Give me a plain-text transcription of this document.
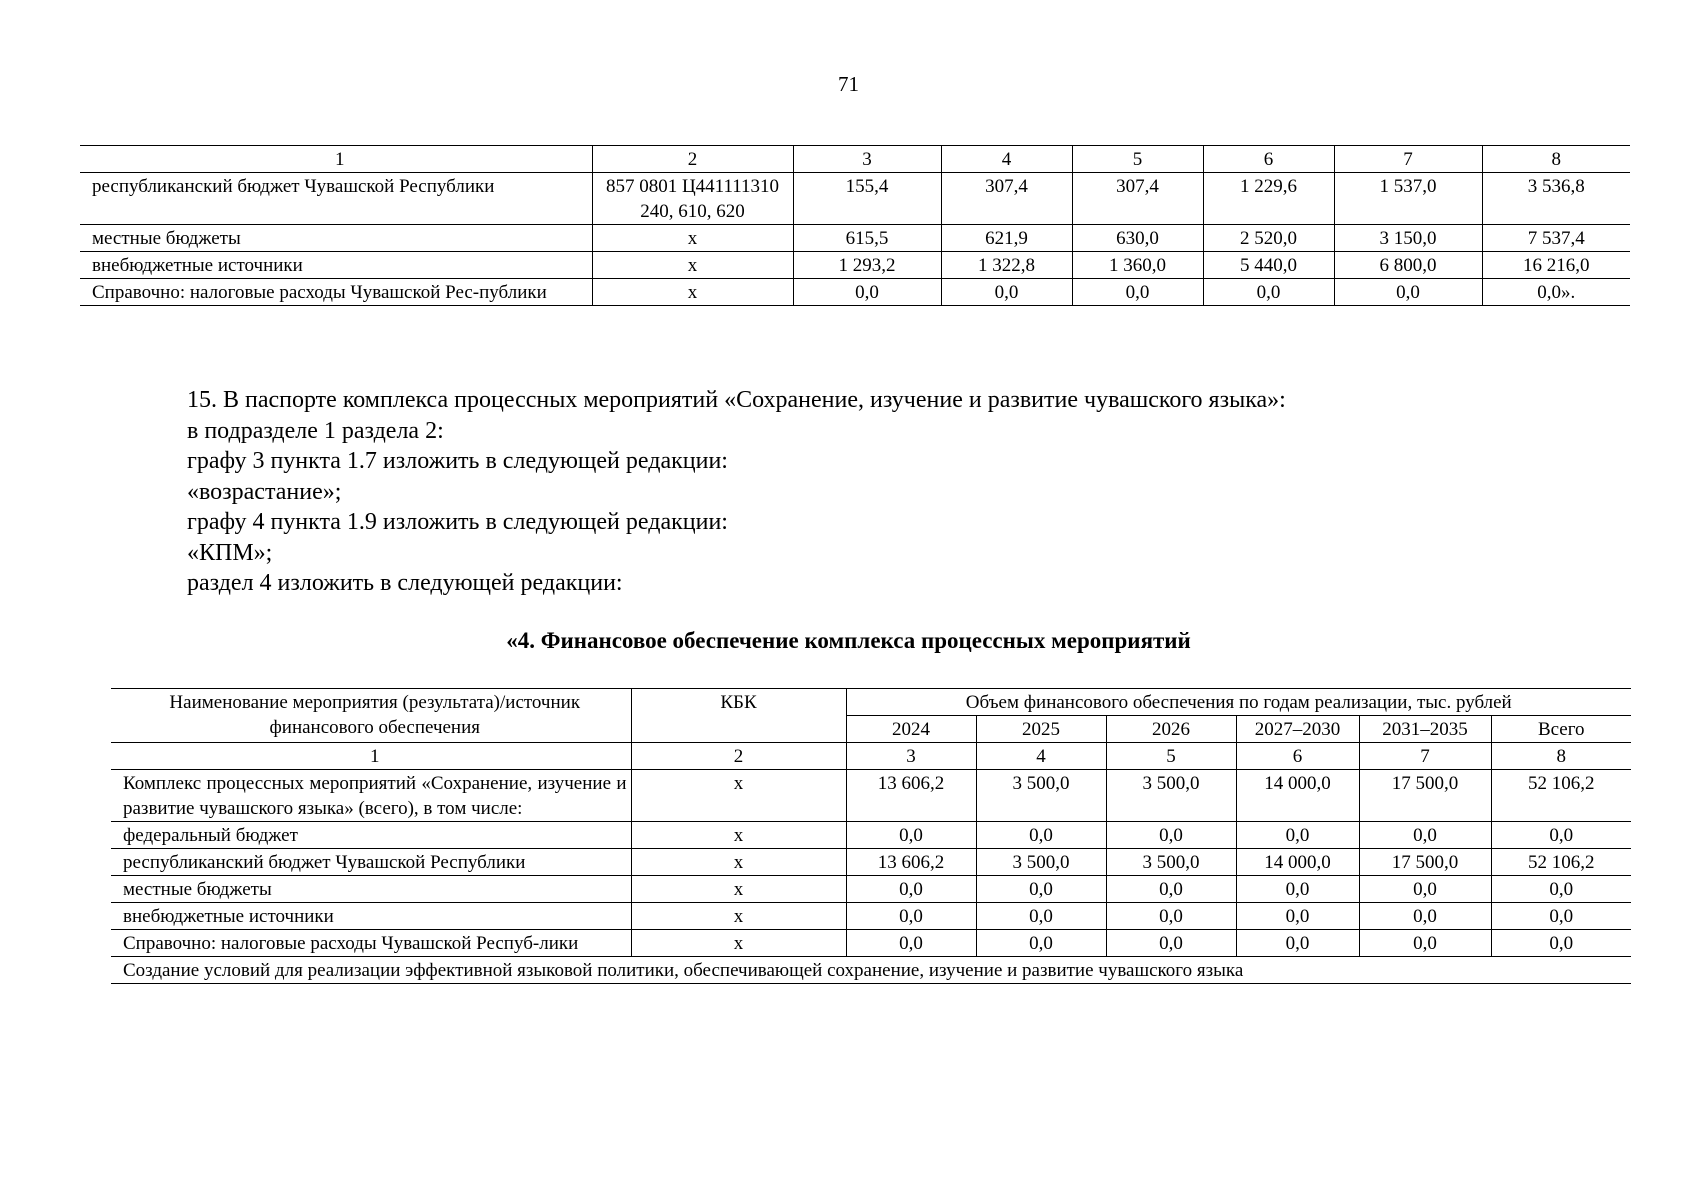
71
1	2	3	4	5	6	7	8
республиканский бюджет Чувашской Республики	857 0801 Ц441111310 240, 610, 620	155,4	307,4	307,4	1 229,6	1 537,0	3 536,8
местные бюджеты	x	615,5	621,9	630,0	2 520,0	3 150,0	7 537,4
внебюджетные источники	x	1 293,2	1 322,8	1 360,0	5 440,0	6 800,0	16 216,0
Справочно: налоговые расходы Чувашской Рес-публики	x	0,0	0,0	0,0	0,0	0,0	0,0».
15. В паспорте комплекса процессных мероприятий «Сохранение, изучение и развитие чувашского языка»:
в подразделе 1 раздела 2:
графу 3 пункта 1.7 изложить в следующей редакции:
«возрастание»;
графу 4 пункта 1.9 изложить в следующей редакции:
«КПМ»;
раздел 4 изложить в следующей редакции:
«4. Финансовое обеспечение комплекса процессных мероприятий
Наименование мероприятия (результата)/источник финансового обеспечения	КБК	Объем финансового обеспечения по годам реализации, тыс. рублей					
		2024	2025	2026	2027–2030	2031–2035	Всего
1	2	3	4	5	6	7	8
Комплекс процессных мероприятий «Сохранение, изучение и развитие чувашского языка» (всего), в том числе:	x	13 606,2	3 500,0	3 500,0	14 000,0	17 500,0	52 106,2
федеральный бюджет	x	0,0	0,0	0,0	0,0	0,0	0,0
республиканский бюджет Чувашской Республики	x	13 606,2	3 500,0	3 500,0	14 000,0	17 500,0	52 106,2
местные бюджеты	x	0,0	0,0	0,0	0,0	0,0	0,0
внебюджетные источники	x	0,0	0,0	0,0	0,0	0,0	0,0
Справочно: налоговые расходы Чувашской Респуб-лики	x	0,0	0,0	0,0	0,0	0,0	0,0
Создание условий для реализации эффективной языковой политики, обеспечивающей сохранение, изучение и развитие чувашского языка							
